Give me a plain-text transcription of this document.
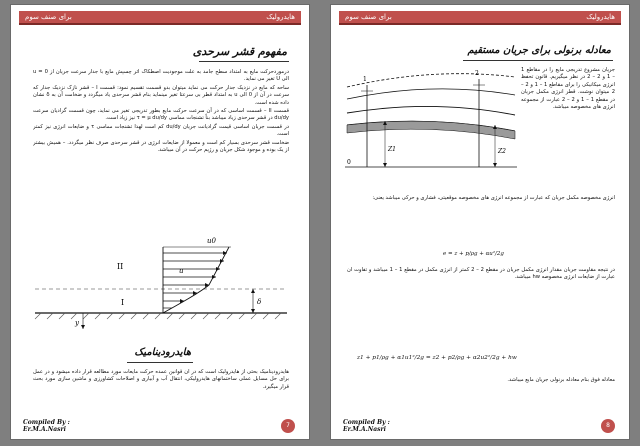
برای صنف سوم	هایدرولیک
مفهوم قشر سرحدی

درموردحرکت مایع به امتداد سطح جامد به علت موجودیت اصطکاک اثر چسپش مایع با جدار سرعت جریان از u = 0 الی U تغیر می نماید.

ساحه که مایع در نزدیک جدار حرکت می نماید میتوان بدو قسمت تقسیم نمود: قسمت I – قشر نازک نزدیک جدار که سرعت در آن از 0 الی u به امتداد قطر بی سرعتا تغیر مینماید بنام قشر سرحدی یاد میگردد و ضخامت آن به δ نشان داده شده است.

قسمت II – قسمت اساسی که در آن سرعت حرکت مایع بطور تدریجی تغیر می نماید، چون قسمت گرادیان سرعت du/dy در قشر سرحدی زیاد میباشد بناً تشنجات مماسی τ = μ du/dy نیز زیاد است.

در قسمت جریان اساسی قیمت گرادیانت جریان du/dy کم است لهذا تشنجات مماسی τ و ضایعات انرژی نیز کمتر است.

ضخامت قشر سرحدی بسیار کم است و معمولا از ضایعات انرژی در قشر سرحدی صرف نظر میگردد. – همیش بیشتر از یک بوده و موجود شکل جریان و رژیم حرکت در آن میباشد.

u0
u
II
I
y
δ
هایدرودینامیک
هایدرودینامیک بحثی از هایدرولیک است که در آن قوانین عمده حرکت مایعات مورد مطالعه قرار داده میشود و در عمل برای حل مسایل عملی ساختمانهای هایدرولیکی، انتقال آب و آبیاری و اصلاحات کشاورزی و ماشین سازی مورد بحث قرار میگیرد.
Compiled By :
Er.M.A.Nasri
7
برای صنف سوم	هایدرولیک
معادله برنولی برای جریان مستقیم
1
2
Z1	Z2
0
جریان مشروع تدریجی مایع را در مقاطع 1 – 1 و 2 – 2 در نظر میگیریم. قانون تحفظ انرژی میکانیکی را برای مقاطع 1 – 1 و 2 – 2 میتوان نوشت. قطر انرژی مکمل جریان در مقطع 1 – 1 و 2 – 2 عبارت از مجموعه انرژی های مخصوصه میباشد.
انرژی مخصوصه مکمل جریان که عبارت از مجموعه انرژی های مخصوصه موقعیتی، فشاری و حرکی میباشد یعنی:
e = z + p/ρg + αu²/2g
در نتیجه مقاومت جریان مقدار انرژی مکمل جریان در مقطع 2 – 2 کمتر از انرژی مکمل در مقطع 1 – 1 میباشد و تفاوت آن عبارت از ضایعات انرژی مخصوصه hw میباشد.
z1 + p1/ρg + α1u1²/2g = z2 + p2/ρg + α2u2²/2g + hw
معادله فوق بنام معادله برنولی جریان مایع میباشد.
Compiled By :
Er.M.A.Nasri
8
